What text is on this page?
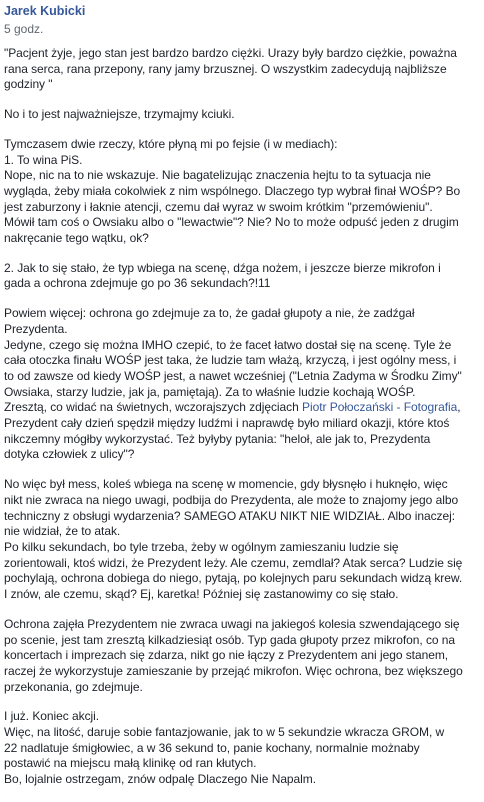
Jarek Kubicki
5 godz.

"Pacjent żyje, jego stan jest bardzo bardzo ciężki. Urazy były bardzo ciężkie, poważna
rana serca, rana przepony, rany jamy brzusznej. O wszystkim zadecydują najbliższe
godziny "

No i to jest najważniejsze, trzymajmy kciuki.

Tymczasem dwie rzeczy, które płyną mi po fejsie (i w mediach):
1. To wina PiS.
Nope, nic na to nie wskazuje. Nie bagatelizując znaczenia hejtu to ta sytuacja nie
wygląda, żeby miała cokolwiek z nim wspólnego. Dlaczego typ wybrał finał WOŚP? Bo
jest zaburzony i łaknie atencji, czemu dał wyraz w swoim krótkim "przemówieniu".
Mówił tam coś o Owsiaku albo o "lewactwie"? Nie? No to może odpuść jeden z drugim
nakręcanie tego wątku, ok?

2. Jak to się stało, że typ wbiega na scenę, dźga nożem, i jeszcze bierze mikrofon i
gada a ochrona zdejmuje go po 36 sekundach?!11

Powiem więcej: ochrona go zdejmuje za to, że gadał głupoty a nie, że zadźgał
Prezydenta.
Jedyne, czego się można IMHO czepić, to że facet łatwo dostał się na scenę. Tyle że
cała otoczka finału WOŚP jest taka, że ludzie tam włażą, krzyczą, i jest ogólny mess, i
to od zawsze od kiedy WOŚP jest, a nawet wcześniej ("Letnia Zadyma w Środku Zimy"
Owsiaka, starzy ludzie, jak ja, pamiętają). Za to właśnie ludzie kochają WOŚP.
Zresztą, co widać na świetnych, wczorajszych zdjęciach Piotr Połoczański - Fotografia,
Prezydent cały dzień spędził między ludźmi i naprawdę było miliard okazji, które ktoś
nikczemny mógłby wykorzystać. Też byłyby pytania: "heloł, ale jak to, Prezydenta
dotyka człowiek z ulicy"?

No więc był mess, koleś wbiega na scenę w momencie, gdy błysnęło i huknęło, więc
nikt nie zwraca na niego uwagi, podbija do Prezydenta, ale może to znajomy jego albo
techniczny z obsługi wydarzenia? SAMEGO ATAKU NIKT NIE WIDZIAŁ. Albo inaczej:
nie widział, że to atak.
Po kilku sekundach, bo tyle trzeba, żeby w ogólnym zamieszaniu ludzie się
zorientowali, ktoś widzi, że Prezydent leży. Ale czemu, zemdlał? Atak serca? Ludzie się
pochylają, ochrona dobiega do niego, pytają, po kolejnych paru sekundach widzą krew.
I znów, ale czemu, skąd? Ej, karetka! Później się zastanowimy co się stało.

Ochrona zajęła Prezydentem nie zwraca uwagi na jakiegoś kolesia szwendającego się
po scenie, jest tam zresztą kilkadziesiąt osób. Typ gada głupoty przez mikrofon, co na
koncertach i imprezach się zdarza, nikt go nie łączy z Prezydentem ani jego stanem,
raczej że wykorzystuje zamieszanie by przejąć mikrofon. Więc ochrona, bez większego
przekonania, go zdejmuje.

I już. Koniec akcji.
Więc, na litość, daruje sobie fantazjowanie, jak to w 5 sekundzie wkracza GROM, w
22 nadlatuje śmigłowiec, a w 36 sekund to, panie kochany, normalnie możnaby
postawić na miejscu małą klinikę od ran kłutych.
Bo, lojalnie ostrzegam, znów odpalę Dlaczego Nie Napalm.
